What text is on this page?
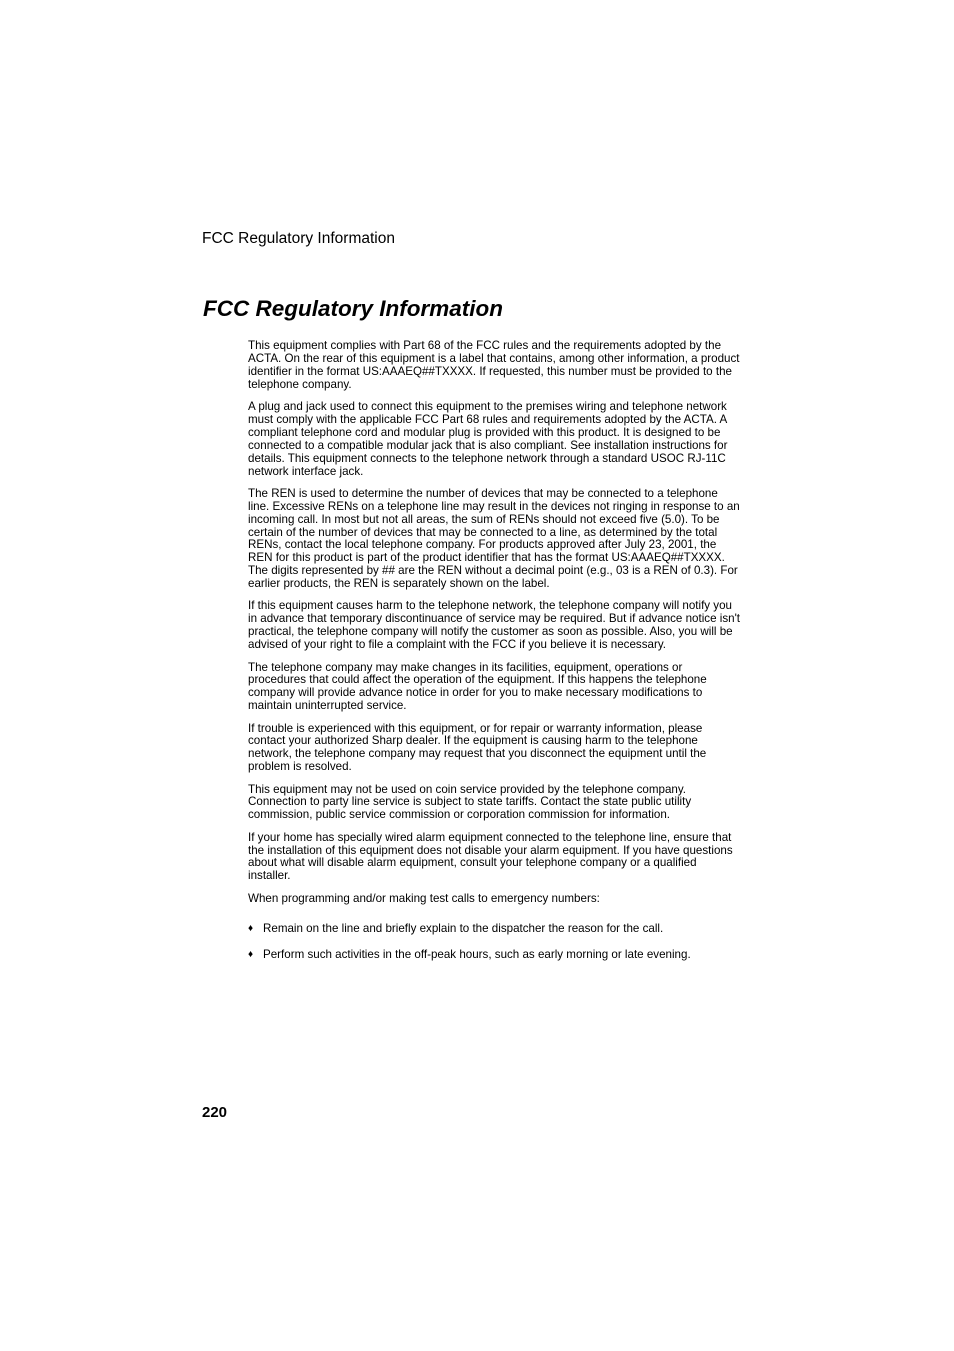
FCC Regulatory Information
FCC Regulatory Information

This equipment complies with Part 68 of the FCC rules and the requirements adopted by the ACTA. On the rear of this equipment is a label that contains, among other information, a product identifier in the format US:AAAEQ##TXXXX. If requested, this number must be provided to the telephone company.

A plug and jack used to connect this equipment to the premises wiring and telephone network must comply with the applicable FCC Part 68 rules and requirements adopted by the ACTA. A compliant telephone cord and modular plug is provided with this product. It is designed to be connected to a compatible modular jack that is also compliant. See installation instructions for details. This equipment connects to the telephone network through a standard USOC RJ-11C network interface jack.

The REN is used to determine the number of devices that may be connected to a telephone line. Excessive RENs on a telephone line may result in the devices not ringing in response to an incoming call. In most but not all areas, the sum of RENs should not exceed five (5.0). To be certain of the number of devices that may be connected to a line, as determined by the total RENs, contact the local telephone company. For products approved after July 23, 2001, the REN for this product is part of the product identifier that has the format US:AAAEQ##TXXXX. The digits represented by ## are the REN without a decimal point (e.g., 03 is a REN of 0.3). For earlier products, the REN is separately shown on the label.

If this equipment causes harm to the telephone network, the telephone company will notify you in advance that temporary discontinuance of service may be required. But if advance notice isn't practical, the telephone company will notify the customer as soon as possible. Also, you will be advised of your right to file a complaint with the FCC if you believe it is necessary.

The telephone company may make changes in its facilities, equipment, operations or procedures that could affect the operation of the equipment. If this happens the telephone company will provide advance notice in order for you to make necessary modifications to maintain uninterrupted service.

If trouble is experienced with this equipment, or for repair or warranty information, please contact your authorized Sharp dealer. If the equipment is causing harm to the telephone network, the telephone company may request that you disconnect the equipment until the problem is resolved.

This equipment may not be used on coin service provided by the telephone company. Connection to party line service is subject to state tariffs. Contact the state public utility commission, public service commission or corporation commission for information.

If your home has specially wired alarm equipment connected to the telephone line, ensure that the installation of this equipment does not disable your alarm equipment. If you have questions about what will disable alarm equipment, consult your telephone company or a qualified installer.

When programming and/or making test calls to emergency numbers:

♦ Remain on the line and briefly explain to the dispatcher the reason for the call.
♦ Perform such activities in the off-peak hours, such as early morning or late evening.
220
